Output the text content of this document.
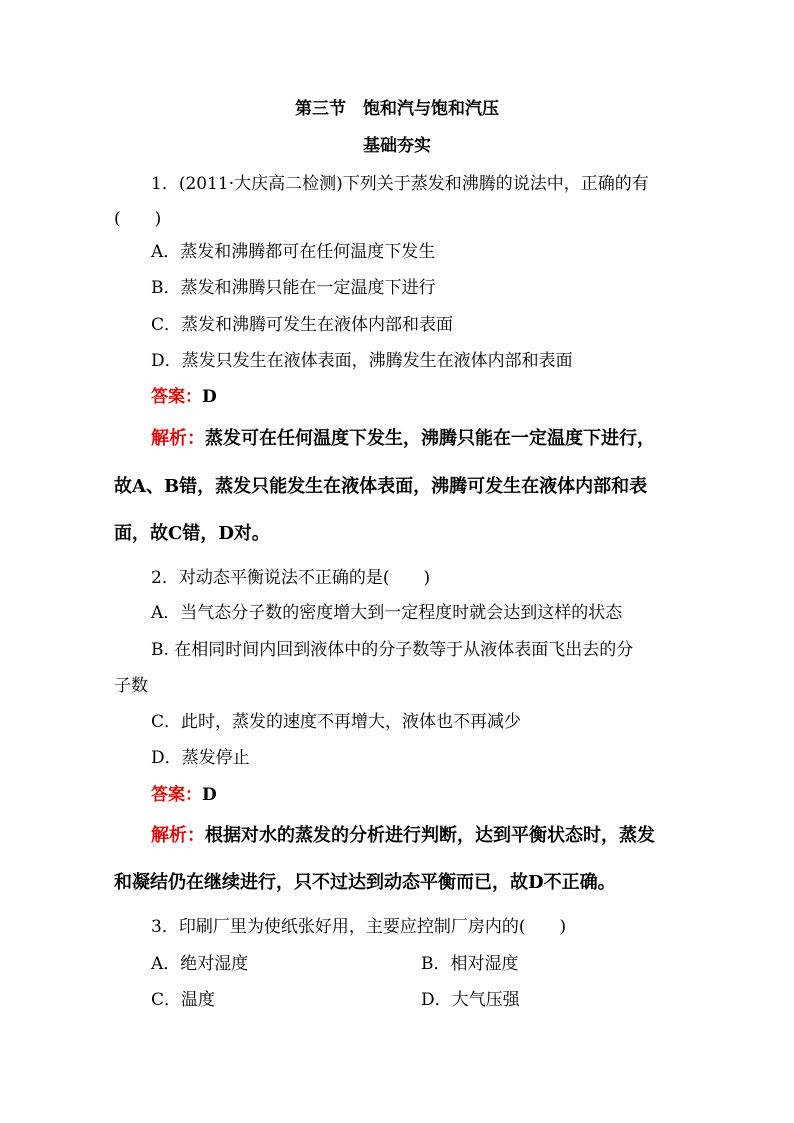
第三节　饱和汽与饱和汽压
基础夯实
1．(2011·大庆高二检测)下列关于蒸发和沸腾的说法中，正确的有
(　　)
A．蒸发和沸腾都可在任何温度下发生
B．蒸发和沸腾只能在一定温度下进行
C．蒸发和沸腾可发生在液体内部和表面
D．蒸发只发生在液体表面，沸腾发生在液体内部和表面
答案：D
解析：蒸发可在任何温度下发生，沸腾只能在一定温度下进行，
故A、B错，蒸发只能发生在液体表面，沸腾可发生在液体内部和表
面，故C错，D对。
2．对动态平衡说法不正确的是(　　)
A．当气态分子数的密度增大到一定程度时就会达到这样的状态
B. 在相同时间内回到液体中的分子数等于从液体表面飞出去的分
子数
C．此时，蒸发的速度不再增大，液体也不再减少
D．蒸发停止
答案：D
解析：根据对水的蒸发的分析进行判断，达到平衡状态时，蒸发
和凝结仍在继续进行，只不过达到动态平衡而已，故D不正确。
3．印刷厂里为使纸张好用，主要应控制厂房内的(　　)
A．绝对湿度	B．相对湿度
C．温度	D．大气压强
